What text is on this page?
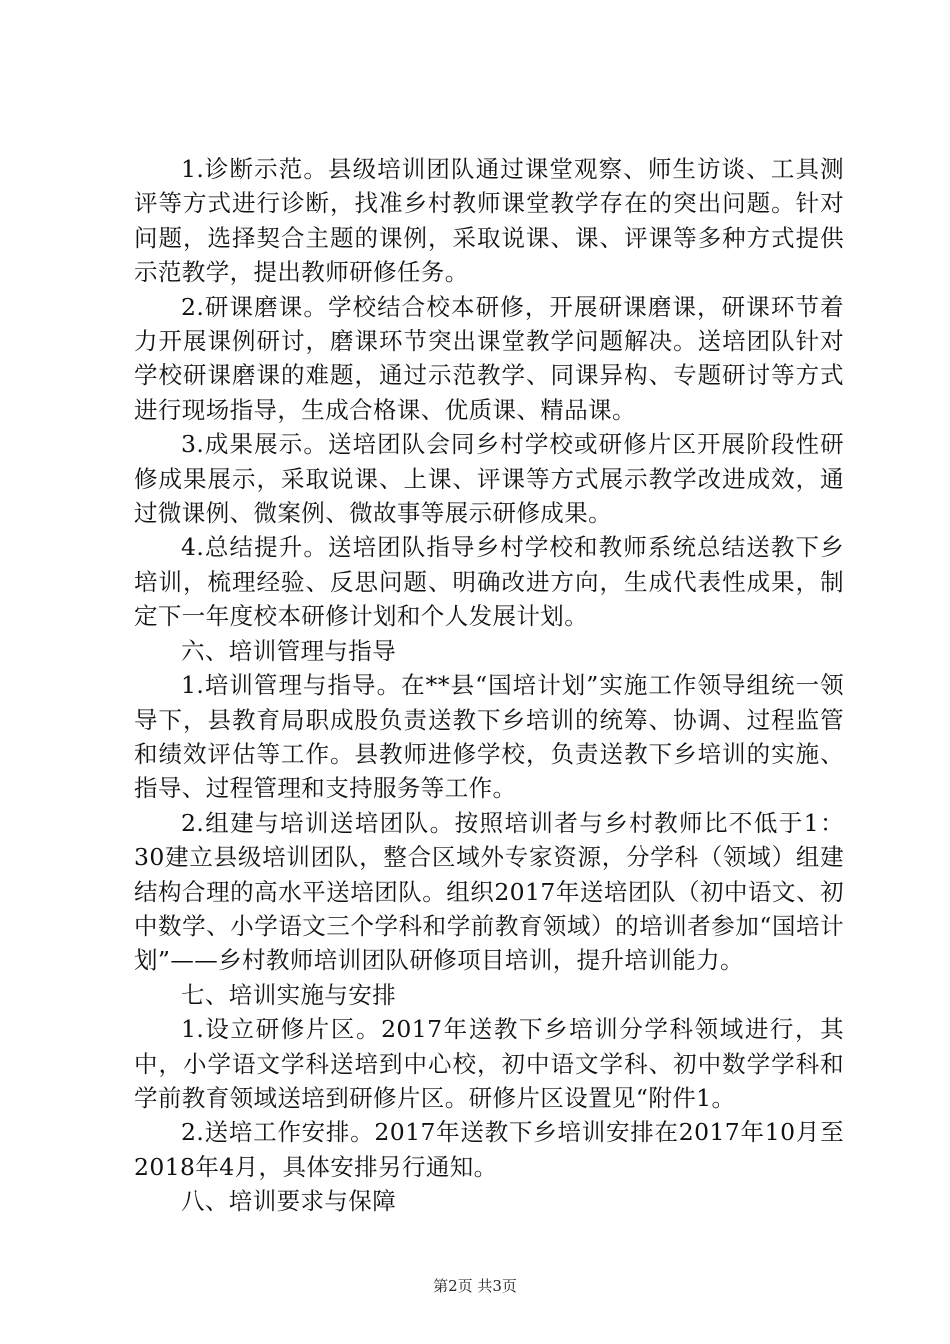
1.诊断示范。县级培训团队通过课堂观察、师生访谈、工具测评等方式进行诊断，找准乡村教师课堂教学存在的突出问题。针对问题，选择契合主题的课例，采取说课、课、评课等多种方式提供示范教学，提出教师研修任务。

2.研课磨课。学校结合校本研修，开展研课磨课，研课环节着力开展课例研讨，磨课环节突出课堂教学问题解决。送培团队针对学校研课磨课的难题，通过示范教学、同课异构、专题研讨等方式进行现场指导，生成合格课、优质课、精品课。

3.成果展示。送培团队会同乡村学校或研修片区开展阶段性研修成果展示，采取说课、上课、评课等方式展示教学改进成效，通过微课例、微案例、微故事等展示研修成果。

4.总结提升。送培团队指导乡村学校和教师系统总结送教下乡培训，梳理经验、反思问题、明确改进方向，生成代表性成果，制定下一年度校本研修计划和个人发展计划。

六、培训管理与指导

1.培训管理与指导。在**县“国培计划”实施工作领导组统一领导下，县教育局职成股负责送教下乡培训的统筹、协调、过程监管和绩效评估等工作。县教师进修学校，负责送教下乡培训的实施、指导、过程管理和支持服务等工作。

2.组建与培训送培团队。按照培训者与乡村教师比不低于1：30建立县级培训团队，整合区域外专家资源，分学科（领域）组建结构合理的高水平送培团队。组织2017年送培团队（初中语文、初中数学、小学语文三个学科和学前教育领域）的培训者参加“国培计划”——乡村教师培训团队研修项目培训，提升培训能力。

七、培训实施与安排

1.设立研修片区。2017年送教下乡培训分学科领域进行，其中，小学语文学科送培到中心校，初中语文学科、初中数学学科和学前教育领域送培到研修片区。研修片区设置见“附件1。

2.送培工作安排。2017年送教下乡培训安排在2017年10月至2018年4月，具体安排另行通知。

八、培训要求与保障

第2页 共3页
